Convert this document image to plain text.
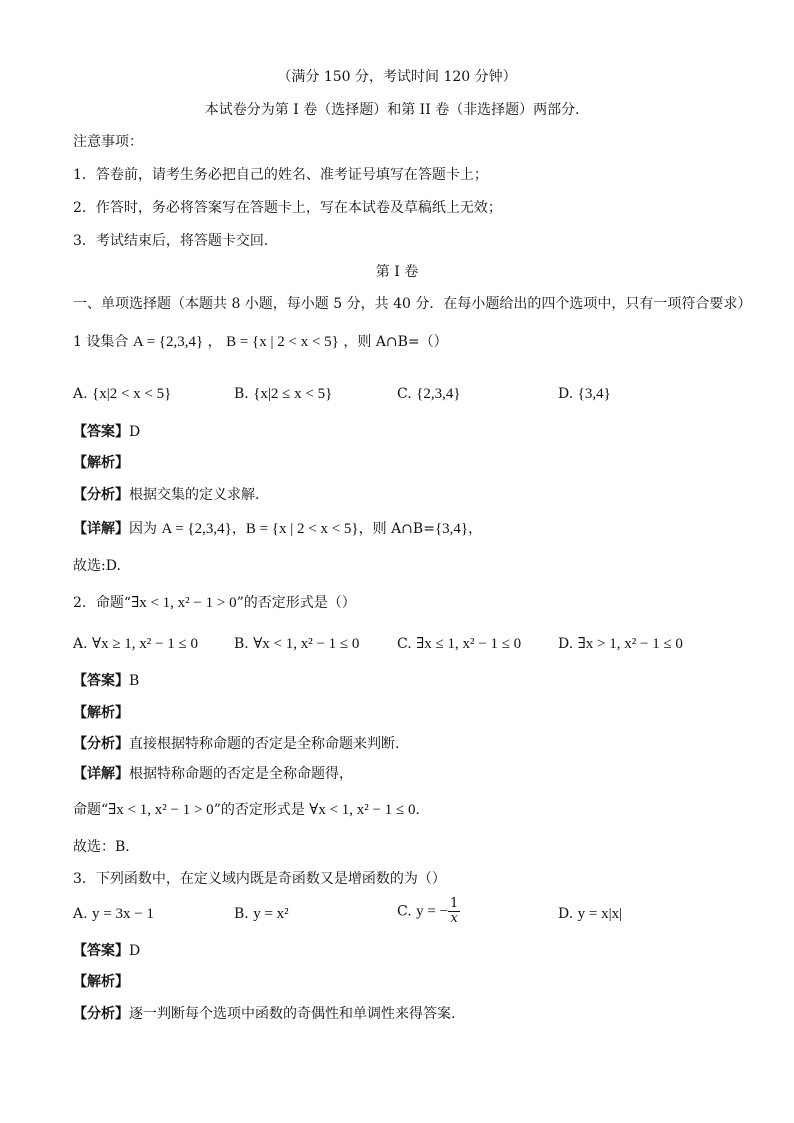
（满分 150 分，考试时间 120 分钟）
本试卷分为第 I 卷（选择题）和第 II 卷（非选择题）两部分．
注意事项：
1．答卷前，请考生务必把自己的姓名、准考证号填写在答题卡上；
2．作答时，务必将答案写在答题卡上，写在本试卷及草稿纸上无效；
3．考试结束后，将答题卡交回．
第 I 卷
一、单项选择题（本题共 8 小题，每小题 5 分，共 40 分．在每小题给出的四个选项中，只有一项符合要求）
1 设集合 A = {2,3,4} ， B = {x | 2 < x < 5} ，则 A∩B=（）
A. {x|2 < x < 5}	B. {x|2 ≤ x < 5}	C. {2,3,4}	D. {3,4}
【答案】D
【解析】
【分析】根据交集的定义求解.
【详解】因为 A = {2,3,4}，B = {x | 2 < x < 5}，则 A∩B={3,4}，
故选:D.
2．命题“∃x < 1, x² − 1 > 0”的否定形式是（）
A. ∀x ≥ 1, x² − 1 ≤ 0	B. ∀x < 1, x² − 1 ≤ 0	C. ∃x ≤ 1, x² − 1 ≤ 0	D. ∃x > 1, x² − 1 ≤ 0
【答案】B
【解析】
【分析】直接根据特称命题的否定是全称命题来判断.
【详解】根据特称命题的否定是全称命题得，
命题“∃x < 1, x² − 1 > 0”的否定形式是 ∀x < 1, x² − 1 ≤ 0．
故选：B.
3．下列函数中，在定义域内既是奇函数又是增函数的为（）
A. y = 3x − 1	B. y = x²	C. y = − $\frac{1}{x}$	D. y = x|x|
【答案】D
【解析】
【分析】逐一判断每个选项中函数的奇偶性和单调性来得答案.
